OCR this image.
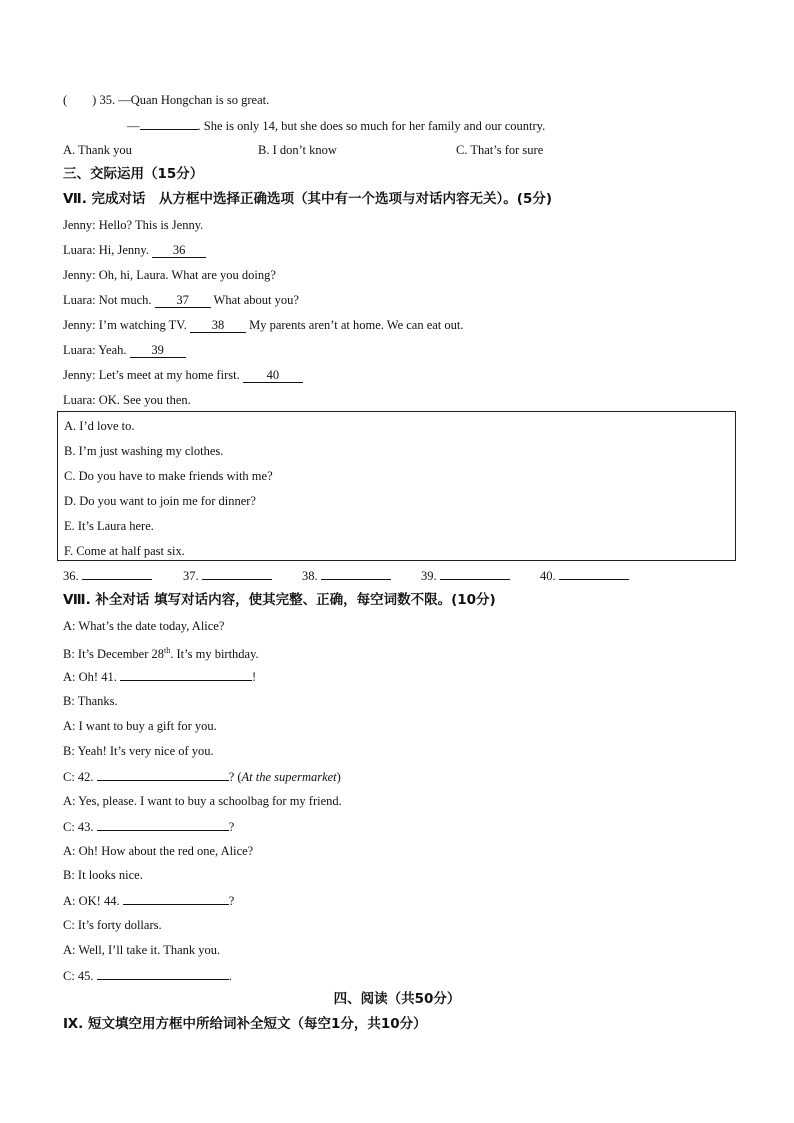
(        ) 35. —Quan Hongchan is so great.
—	. She is only 14, but she does so much for her family and our country.
A. Thank you	B. I don’t know	C. That’s for sure
三、交际运用（15分）
Ⅶ. 完成对话　从方框中选择正确选项（其中有一个选项与对话内容无关）。(5分)
Jenny: Hello? This is Jenny.
Luara: Hi, Jenny. 36
Jenny: Oh, hi, Laura. What are you doing?
Luara: Not much. 37 What about you?
Jenny: I’m watching TV. 38 My parents aren’t at home. We can eat out.
Luara: Yeah. 39
Jenny: Let’s meet at my home first. 40
Luara: OK. See you then.
A. I’d love to.
B. I’m just washing my clothes.
C. Do you have to make friends with me?
D. Do you want to join me for dinner?
E. It’s Laura here.
F. Come at half past six.
36.	37.	38.	39.	40.
Ⅷ. 补全对话 填写对话内容，使其完整、正确，每空词数不限。(10分)
A: What’s the date today, Alice?
B: It’s December 28th. It’s my birthday.
A: Oh! 41.	!
B: Thanks.
A: I want to buy a gift for you.
B: Yeah! It’s very nice of you.
C: 42.	? (At the supermarket)
A: Yes, please. I want to buy a schoolbag for my friend.
C: 43.	?
A: Oh! How about the red one, Alice?
B: It looks nice.
A: OK! 44.	?
C: It’s forty dollars.
A: Well, I’ll take it. Thank you.
C: 45.	.
四、阅读（共50分）
Ⅸ. 短文填空用方框中所给词补全短文（每空1分，共10分）
